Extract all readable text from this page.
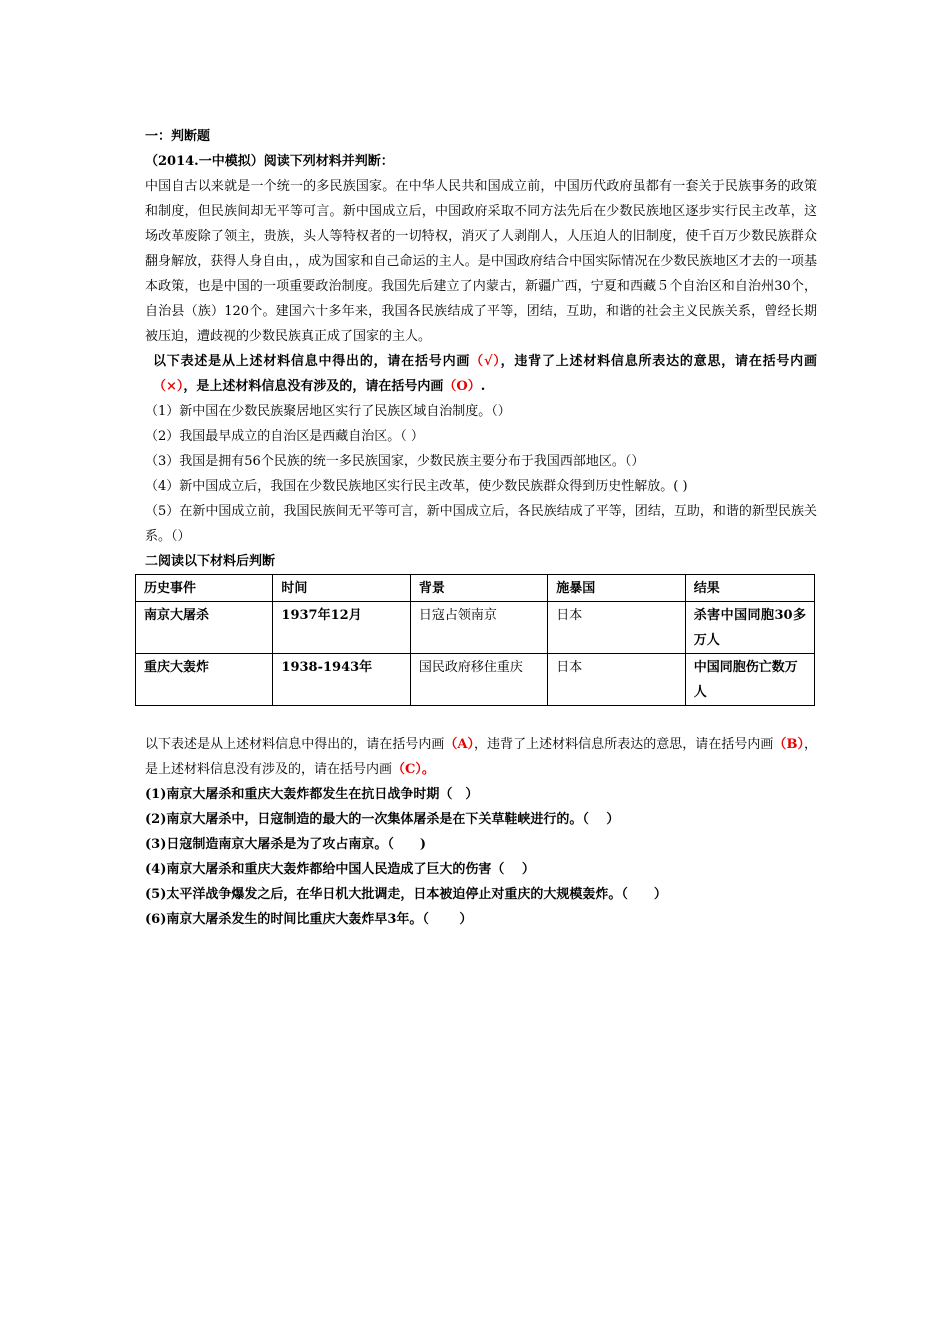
一：判断题
（2014.一中模拟）阅读下列材料并判断：
中国自古以来就是一个统一的多民族国家。在中华人民共和国成立前，中国历代政府虽都有一套关于民族事务的政策和制度，但民族间却无平等可言。新中国成立后，中国政府采取不同方法先后在少数民族地区逐步实行民主改革，这场改革废除了领主，贵族，头人等特权者的一切特权，消灭了人剥削人，人压迫人的旧制度，使千百万少数民族群众翻身解放，获得人身自由，，成为国家和自己命运的主人。是中国政府结合中国实际情况在少数民族地区才去的一项基本政策，也是中国的一项重要政治制度。我国先后建立了内蒙古，新疆广西，宁夏和西藏５个自治区和自治州30个，自治县（族）120个。建国六十多年来，我国各民族结成了平等，团结，互助，和谐的社会主义民族关系，曾经长期被压迫，遭歧视的少数民族真正成了国家的主人。
以下表述是从上述材料信息中得出的，请在括号内画（√），违背了上述材料信息所表达的意思，请在括号内画（×），是上述材料信息没有涉及的，请在括号内画（O）.
（1）新中国在少数民族聚居地区实行了民族区域自治制度。（）
（2）我国最早成立的自治区是西藏自治区。（ ）
（3）我国是拥有56个民族的统一多民族国家，少数民族主要分布于我国西部地区。（）
（4）新中国成立后，我国在少数民族地区实行民主改革，使少数民族群众得到历史性解放。( )
（5）在新中国成立前，我国民族间无平等可言，新中国成立后，各民族结成了平等，团结，互助，和谐的新型民族关系。（）
二阅读以下材料后判断
历史事件	时间	背景	施暴国	结果
南京大屠杀	1937年12月	日寇占领南京	日本	杀害中国同胞30多万人
重庆大轰炸	1938-1943年	国民政府移住重庆	日本	中国同胞伤亡数万人
以下表述是从上述材料信息中得出的，请在括号内画（A），违背了上述材料信息所表达的意思，请在括号内画（B），是上述材料信息没有涉及的，请在括号内画（C）。
(1)南京大屠杀和重庆大轰炸都发生在抗日战争时期（　）
(2)南京大屠杀中，日寇制造的最大的一次集体屠杀是在下关草鞋峡进行的。（　 ）
(3)日寇制造南京大屠杀是为了攻占南京。（　　)
(4)南京大屠杀和重庆大轰炸都给中国人民造成了巨大的伤害（　 ）
(5)太平洋战争爆发之后，在华日机大批调走，日本被迫停止对重庆的大规模轰炸。（　　）
(6)南京大屠杀发生的时间比重庆大轰炸早3年。（　　 ）
